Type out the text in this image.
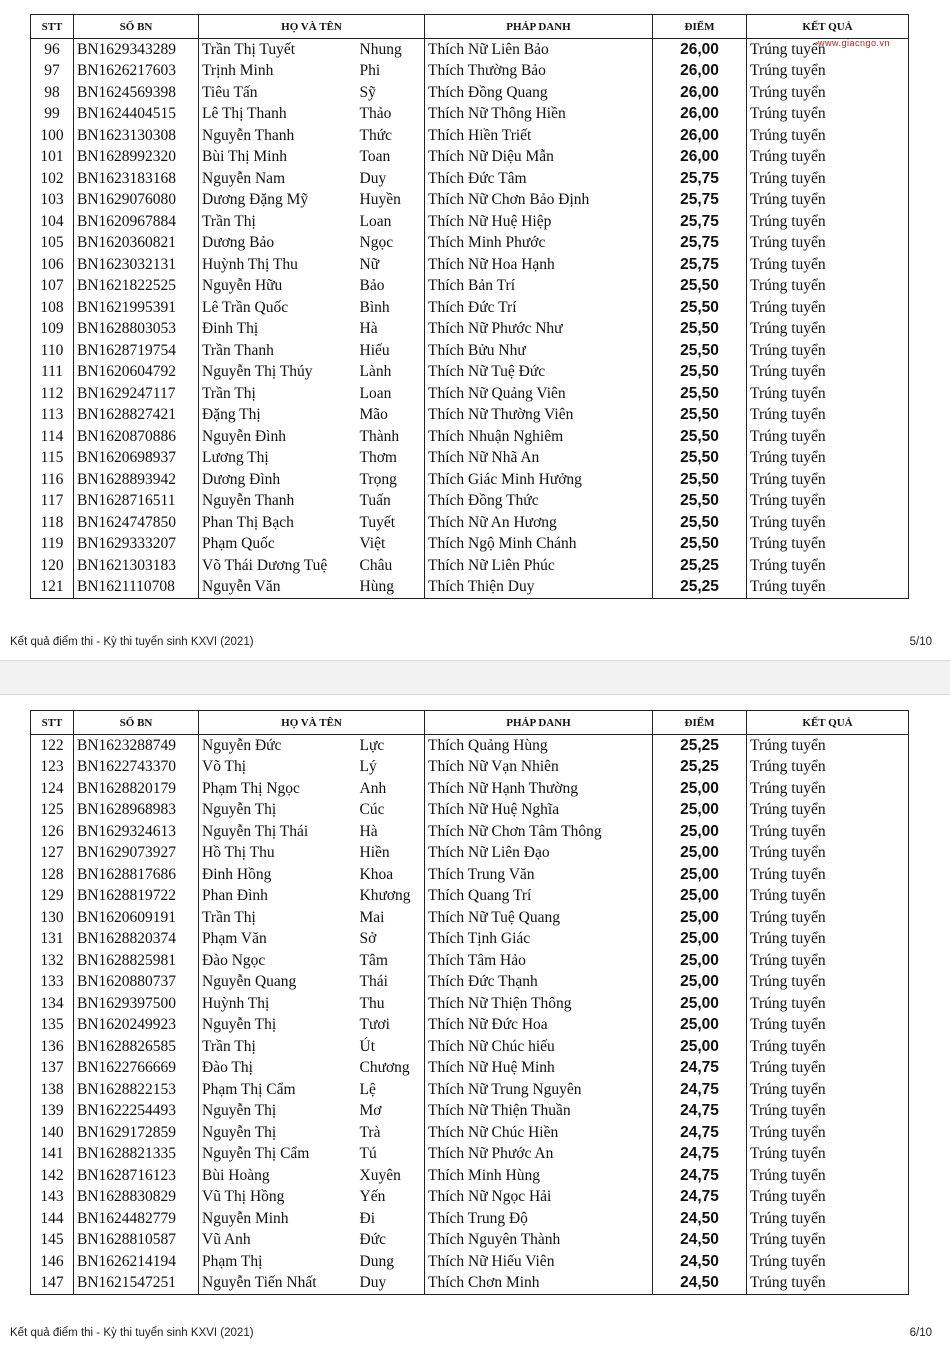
STT	SỐ BN	HỌ VÀ TÊN		PHÁP DANH	ĐIỂM	KẾT QUẢ
96	BN1629343289	Trần Thị Tuyết	Nhung	Thích Nữ Liên Bảo	26,00	Trúng tuyển
97	BN1626217603	Trịnh Minh	Phi	Thích Thường Bảo	26,00	Trúng tuyển
98	BN1624569398	Tiêu Tấn	Sỹ	Thích Đồng Quang	26,00	Trúng tuyển
99	BN1624404515	Lê Thị Thanh	Thảo	Thích Nữ Thông Hiền	26,00	Trúng tuyển
100	BN1623130308	Nguyễn Thanh	Thức	Thích Hiền Triết	26,00	Trúng tuyển
101	BN1628992320	Bùi Thị Minh	Toan	Thích Nữ Diệu Mẫn	26,00	Trúng tuyển
102	BN1623183168	Nguyễn Nam	Duy	Thích Đức Tâm	25,75	Trúng tuyển
103	BN1629076080	Dương Đặng Mỹ	Huyền	Thích Nữ Chơn Bảo Định	25,75	Trúng tuyển
104	BN1620967884	Trần Thị	Loan	Thích Nữ Huệ Hiệp	25,75	Trúng tuyển
105	BN1620360821	Dương Bảo	Ngọc	Thích Minh Phước	25,75	Trúng tuyển
106	BN1623032131	Huỳnh Thị Thu	Nữ	Thích Nữ Hoa Hạnh	25,75	Trúng tuyển
107	BN1621822525	Nguyễn Hữu	Bảo	Thích Bản Trí	25,50	Trúng tuyển
108	BN1621995391	Lê Trần Quốc	Bình	Thích Đức Trí	25,50	Trúng tuyển
109	BN1628803053	Đinh Thị	Hà	Thích Nữ Phước Như	25,50	Trúng tuyển
110	BN1628719754	Trần Thanh	Hiếu	Thích Bửu Như	25,50	Trúng tuyển
111	BN1620604792	Nguyễn Thị Thúy	Lành	Thích Nữ Tuệ Đức	25,50	Trúng tuyển
112	BN1629247117	Trần Thị	Loan	Thích Nữ Quảng Viên	25,50	Trúng tuyển
113	BN1628827421	Đặng Thị	Mão	Thích Nữ Thường Viên	25,50	Trúng tuyển
114	BN1620870886	Nguyễn Đình	Thành	Thích Nhuận Nghiêm	25,50	Trúng tuyển
115	BN1620698937	Lương Thị	Thơm	Thích Nữ Nhã An	25,50	Trúng tuyển
116	BN1628893942	Dương Đình	Trọng	Thích Giác Minh Hưởng	25,50	Trúng tuyển
117	BN1628716511	Nguyễn Thanh	Tuấn	Thích Đồng Thức	25,50	Trúng tuyển
118	BN1624747850	Phan Thị Bạch	Tuyết	Thích Nữ An Hương	25,50	Trúng tuyển
119	BN1629333207	Phạm Quốc	Việt	Thích Ngộ Minh Chánh	25,50	Trúng tuyển
120	BN1621303183	Võ Thái Dương Tuệ	Châu	Thích Nữ Liên Phúc	25,25	Trúng tuyển
121	BN1621110708	Nguyễn Văn	Hùng	Thích Thiện Duy	25,25	Trúng tuyển
www.giacngo.vn
Kết quả điểm thi - Kỳ thi tuyển sinh KXVI (2021)	5/10
STT	SỐ BN	HỌ VÀ TÊN		PHÁP DANH	ĐIỂM	KẾT QUẢ
122	BN1623288749	Nguyễn Đức	Lực	Thích Quảng Hùng	25,25	Trúng tuyển
123	BN1622743370	Võ Thị	Lý	Thích Nữ Vạn Nhiên	25,25	Trúng tuyển
124	BN1628820179	Phạm Thị Ngọc	Anh	Thích Nữ Hạnh Thường	25,00	Trúng tuyển
125	BN1628968983	Nguyễn Thị	Cúc	Thích Nữ Huệ Nghĩa	25,00	Trúng tuyển
126	BN1629324613	Nguyễn Thị Thái	Hà	Thích Nữ Chơn Tâm Thông	25,00	Trúng tuyển
127	BN1629073927	Hồ Thị Thu	Hiền	Thích Nữ Liên Đạo	25,00	Trúng tuyển
128	BN1628817686	Đinh Hồng	Khoa	Thích Trung Văn	25,00	Trúng tuyển
129	BN1628819722	Phan Đình	Khương	Thích Quang Trí	25,00	Trúng tuyển
130	BN1620609191	Trần Thị	Mai	Thích Nữ Tuệ Quang	25,00	Trúng tuyển
131	BN1628820374	Phạm Văn	Sở	Thích Tịnh Giác	25,00	Trúng tuyển
132	BN1628825981	Đào Ngọc	Tâm	Thích Tâm Hảo	25,00	Trúng tuyển
133	BN1620880737	Nguyễn Quang	Thái	Thích Đức Thạnh	25,00	Trúng tuyển
134	BN1629397500	Huỳnh Thị	Thu	Thích Nữ Thiện Thông	25,00	Trúng tuyển
135	BN1620249923	Nguyễn Thị	Tươi	Thích Nữ Đức Hoa	25,00	Trúng tuyển
136	BN1628826585	Trần Thị	Út	Thích Nữ Chúc hiếu	25,00	Trúng tuyển
137	BN1622766669	Đào Thị	Chương	Thích Nữ Huệ Minh	24,75	Trúng tuyển
138	BN1628822153	Phạm Thị Cẩm	Lệ	Thích Nữ Trung Nguyên	24,75	Trúng tuyển
139	BN1622254493	Nguyễn Thị	Mơ	Thích Nữ Thiện Thuần	24,75	Trúng tuyển
140	BN1629172859	Nguyễn Thị	Trà	Thích Nữ Chúc Hiền	24,75	Trúng tuyển
141	BN1628821335	Nguyễn Thị Cẩm	Tú	Thích Nữ Phước An	24,75	Trúng tuyển
142	BN1628716123	Bùi Hoàng	Xuyên	Thích Minh Hùng	24,75	Trúng tuyển
143	BN1628830829	Vũ Thị Hồng	Yến	Thích Nữ Ngọc Hải	24,75	Trúng tuyển
144	BN1624482779	Nguyễn Minh	Đi	Thích Trung Độ	24,50	Trúng tuyển
145	BN1628810587	Vũ Anh	Đức	Thích Nguyên Thành	24,50	Trúng tuyển
146	BN1626214194	Phạm Thị	Dung	Thích Nữ Hiếu Viên	24,50	Trúng tuyển
147	BN1621547251	Nguyễn Tiến Nhất	Duy	Thích Chơn Minh	24,50	Trúng tuyển
Kết quả điểm thi - Kỳ thi tuyển sinh KXVI (2021)	6/10
